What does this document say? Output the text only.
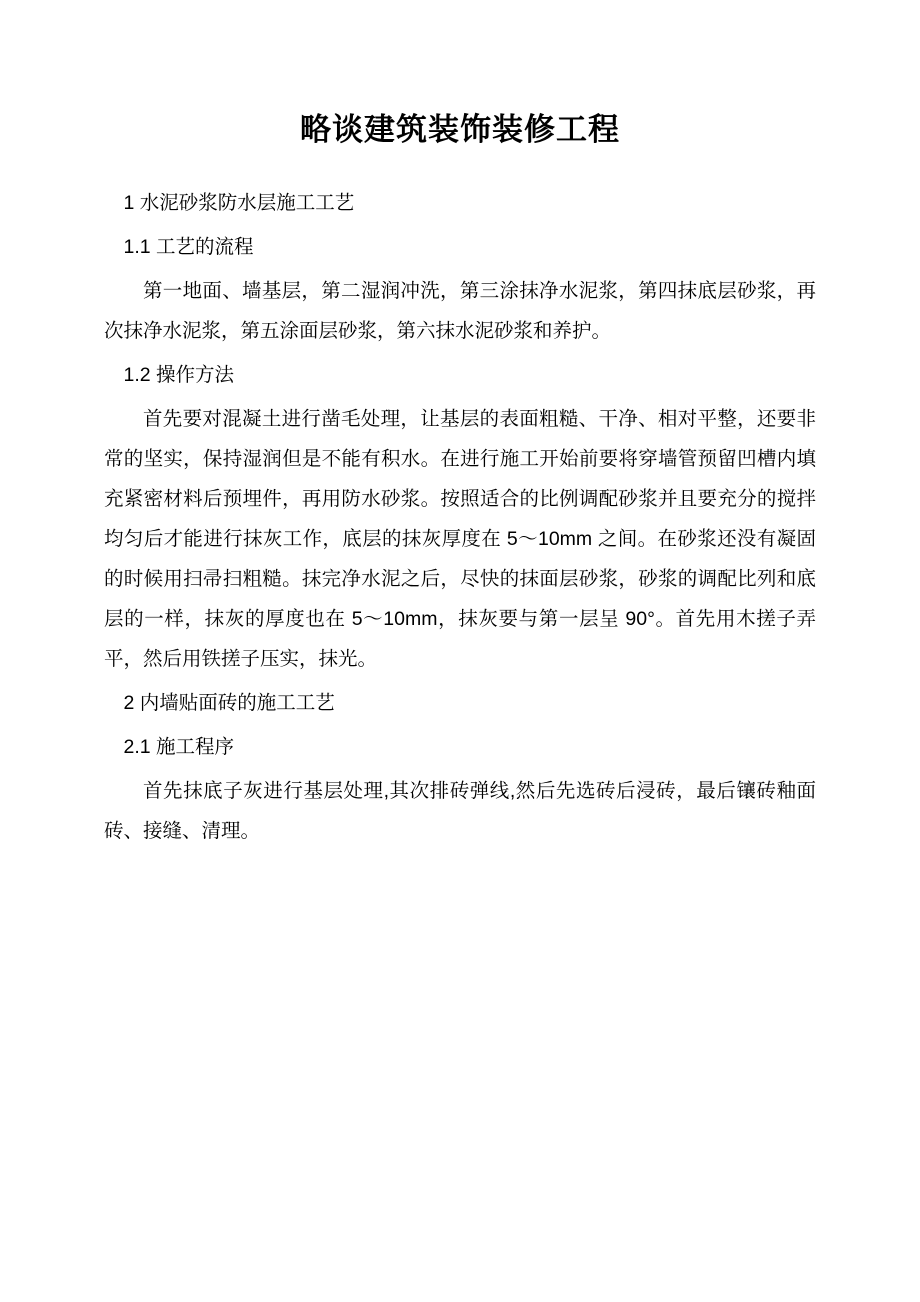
略谈建筑装饰装修工程

1 水泥砂浆防水层施工工艺

1.1 工艺的流程

第一地面、墙基层，第二湿润冲洗，第三涂抹净水泥浆，第四抹底层砂浆，再次抹净水泥浆，第五涂面层砂浆，第六抹水泥砂浆和养护。

1.2 操作方法

首先要对混凝土进行凿毛处理，让基层的表面粗糙、干净、相对平整，还要非常的坚实，保持湿润但是不能有积水。在进行施工开始前要将穿墙管预留凹槽内填充紧密材料后预埋件，再用防水砂浆。按照适合的比例调配砂浆并且要充分的搅拌均匀后才能进行抹灰工作，底层的抹灰厚度在 5～10mm 之间。在砂浆还没有凝固的时候用扫帚扫粗糙。抹完净水泥之后，尽快的抹面层砂浆，砂浆的调配比列和底层的一样，抹灰的厚度也在 5～10mm，抹灰要与第一层呈 90°。首先用木搓子弄平，然后用铁搓子压实，抹光。

2 内墙贴面砖的施工工艺

2.1 施工程序

首先抹底子灰进行基层处理,其次排砖弹线,然后先选砖后浸砖，最后镶砖釉面砖、接缝、清理。
